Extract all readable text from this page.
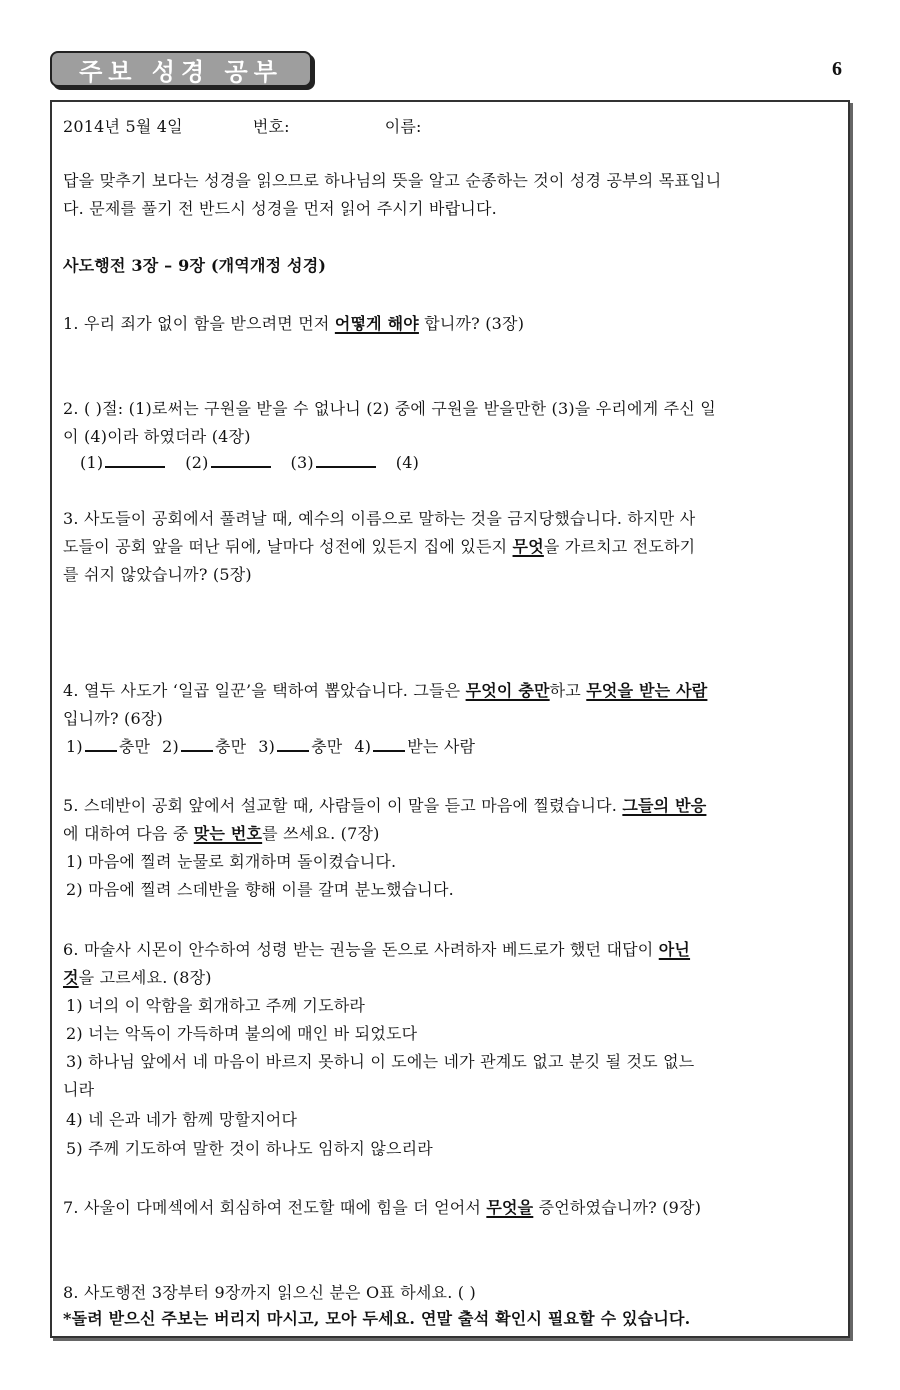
주보 성경 공부	6
2014년 5월 4일	번호:	이름:
답을 맞추기 보다는 성경을 읽으므로 하나님의 뜻을 알고 순종하는 것이 성경 공부의 목표입니
다. 문제를 풀기 전 반드시 성경을 먼저 읽어 주시기 바랍니다.
사도행전 3장 – 9장 (개역개정 성경)
1. 우리 죄가 없이 함을 받으려면 먼저 어떻게 해야 합니까? (3장)
2. ( )절: (1)로써는 구원을 받을 수 없나니 (2) 중에 구원을 받을만한 (3)을 우리에게 주신 일
이 (4)이라 하였더라 (4장)
(1)	(2)	(3)	(4)
3. 사도들이 공회에서 풀려날 때, 예수의 이름으로 말하는 것을 금지당했습니다. 하지만 사
도들이 공회 앞을 떠난 뒤에, 날마다 성전에 있든지 집에 있든지 무엇을 가르치고 전도하기
를 쉬지 않았습니까? (5장)
4. 열두 사도가 ‘일곱 일꾼’을 택하여 뽑았습니다. 그들은 무엇이 충만하고 무엇을 받는 사람
입니까? (6장)
1) 충만 2) 충만 3) 충만 4) 받는 사람
5. 스데반이 공회 앞에서 설교할 때, 사람들이 이 말을 듣고 마음에 찔렸습니다. 그들의 반응
에 대하여 다음 중 맞는 번호를 쓰세요. (7장)
1) 마음에 찔려 눈물로 회개하며 돌이켰습니다.
2) 마음에 찔려 스데반을 향해 이를 갈며 분노했습니다.
6. 마술사 시몬이 안수하여 성령 받는 권능을 돈으로 사려하자 베드로가 했던 대답이 아닌
것을 고르세요. (8장)
1) 너의 이 악함을 회개하고 주께 기도하라
2) 너는 악독이 가득하며 불의에 매인 바 되었도다
3) 하나님 앞에서 네 마음이 바르지 못하니 이 도에는 네가 관계도 없고 분깃 될 것도 없느
니라
4) 네 은과 네가 함께 망할지어다
5) 주께 기도하여 말한 것이 하나도 임하지 않으리라
7. 사울이 다메섹에서 회심하여 전도할 때에 힘을 더 얻어서 무엇을 증언하였습니까? (9장)
8. 사도행전 3장부터 9장까지 읽으신 분은 O표 하세요. ( )
*돌려 받으신 주보는 버리지 마시고, 모아 두세요. 연말 출석 확인시 필요할 수 있습니다.
